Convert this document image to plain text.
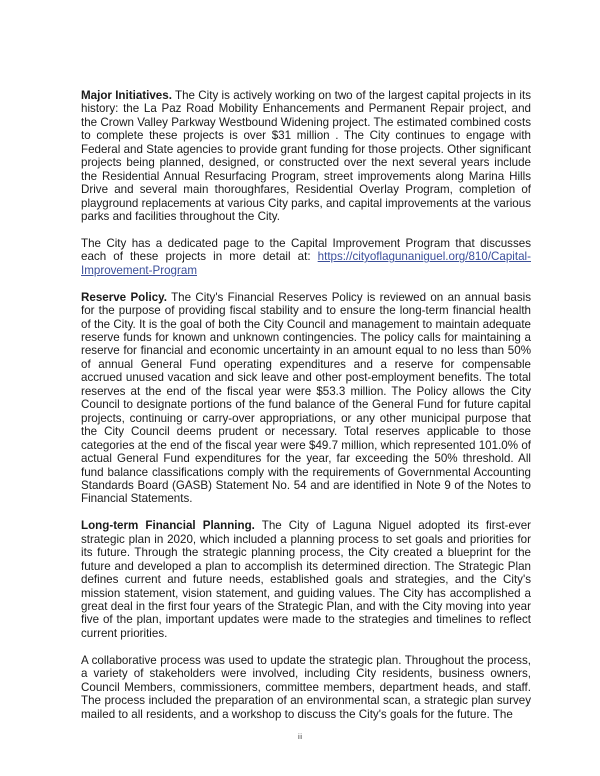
Major Initiatives. The City is actively working on two of the largest capital projects in its history: the La Paz Road Mobility Enhancements and Permanent Repair project, and the Crown Valley Parkway Westbound Widening project. The estimated combined costs to complete these projects is over $31 million . The City continues to engage with Federal and State agencies to provide grant funding for those projects. Other significant projects being planned, designed, or constructed over the next several years include the Residential Annual Resurfacing Program, street improvements along Marina Hills Drive and several main thoroughfares, Residential Overlay Program, completion of playground replacements at various City parks, and capital improvements at the various parks and facilities throughout the City.

The City has a dedicated page to the Capital Improvement Program that discusses each of these projects in more detail at: https://cityoflagunaniguel.org/810/Capital-Improvement-Program

Reserve Policy. The City's Financial Reserves Policy is reviewed on an annual basis for the purpose of providing fiscal stability and to ensure the long-term financial health of the City. It is the goal of both the City Council and management to maintain adequate reserve funds for known and unknown contingencies. The policy calls for maintaining a reserve for financial and economic uncertainty in an amount equal to no less than 50% of annual General Fund operating expenditures and a reserve for compensable accrued unused vacation and sick leave and other post-employment benefits. The total reserves at the end of the fiscal year were $53.3 million. The Policy allows the City Council to designate portions of the fund balance of the General Fund for future capital projects, continuing or carry-over appropriations, or any other municipal purpose that the City Council deems prudent or necessary. Total reserves applicable to those categories at the end of the fiscal year were $49.7 million, which represented 101.0% of actual General Fund expenditures for the year, far exceeding the 50% threshold. All fund balance classifications comply with the requirements of Governmental Accounting Standards Board (GASB) Statement No. 54 and are identified in Note 9 of the Notes to Financial Statements.

Long-term Financial Planning. The City of Laguna Niguel adopted its first-ever strategic plan in 2020, which included a planning process to set goals and priorities for its future. Through the strategic planning process, the City created a blueprint for the future and developed a plan to accomplish its determined direction. The Strategic Plan defines current and future needs, established goals and strategies, and the City's mission statement, vision statement, and guiding values. The City has accomplished a great deal in the first four years of the Strategic Plan, and with the City moving into year five of the plan, important updates were made to the strategies and timelines to reflect current priorities.

A collaborative process was used to update the strategic plan. Throughout the process, a variety of stakeholders were involved, including City residents, business owners, Council Members, commissioners, committee members, department heads, and staff. The process included the preparation of an environmental scan, a strategic plan survey mailed to all residents, and a workshop to discuss the City's goals for the future. The

iii
